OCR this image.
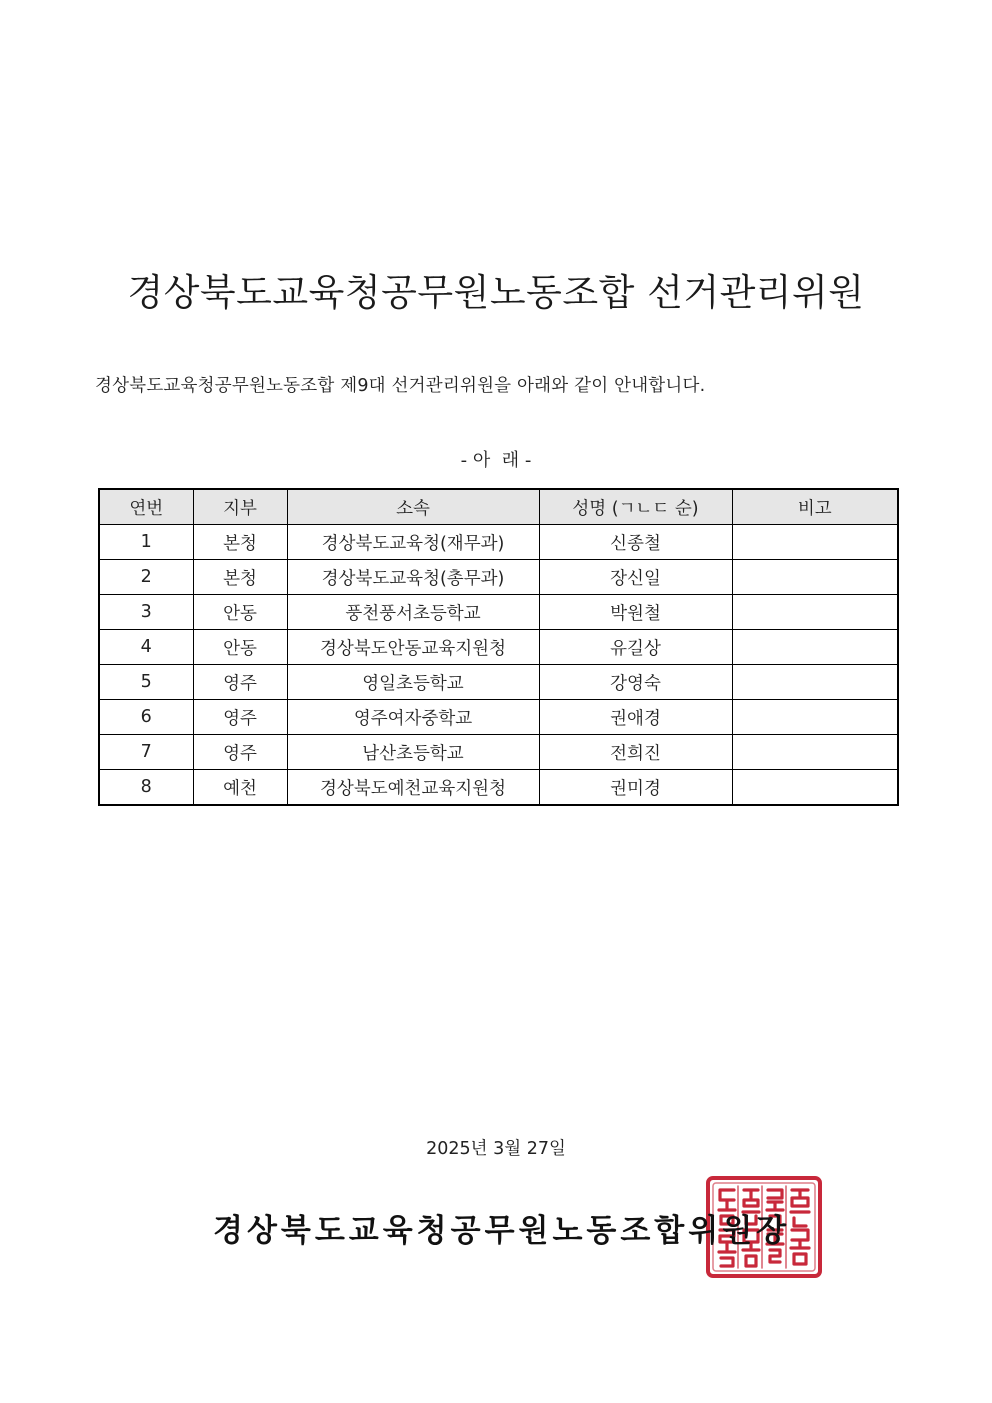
경상북도교육청공무원노동조합 선거관리위원
경상북도교육청공무원노동조합 제9대 선거관리위원을 아래와 같이 안내합니다.
- 아  래 -
연번	지부	소속	성명 (ㄱㄴㄷ 순)	비고
1	본청	경상북도교육청(재무과)	신종철	
2	본청	경상북도교육청(총무과)	장신일	
3	안동	풍천풍서초등학교	박원철	
4	안동	경상북도안동교육지원청	유길상	
5	영주	영일초등학교	강영숙	
6	영주	영주여자중학교	권애경	
7	영주	남산초등학교	전희진	
8	예천	경상북도예천교육지원청	권미경	
2025년 3월 27일
경상북도교육청공무원노동조합위원장
